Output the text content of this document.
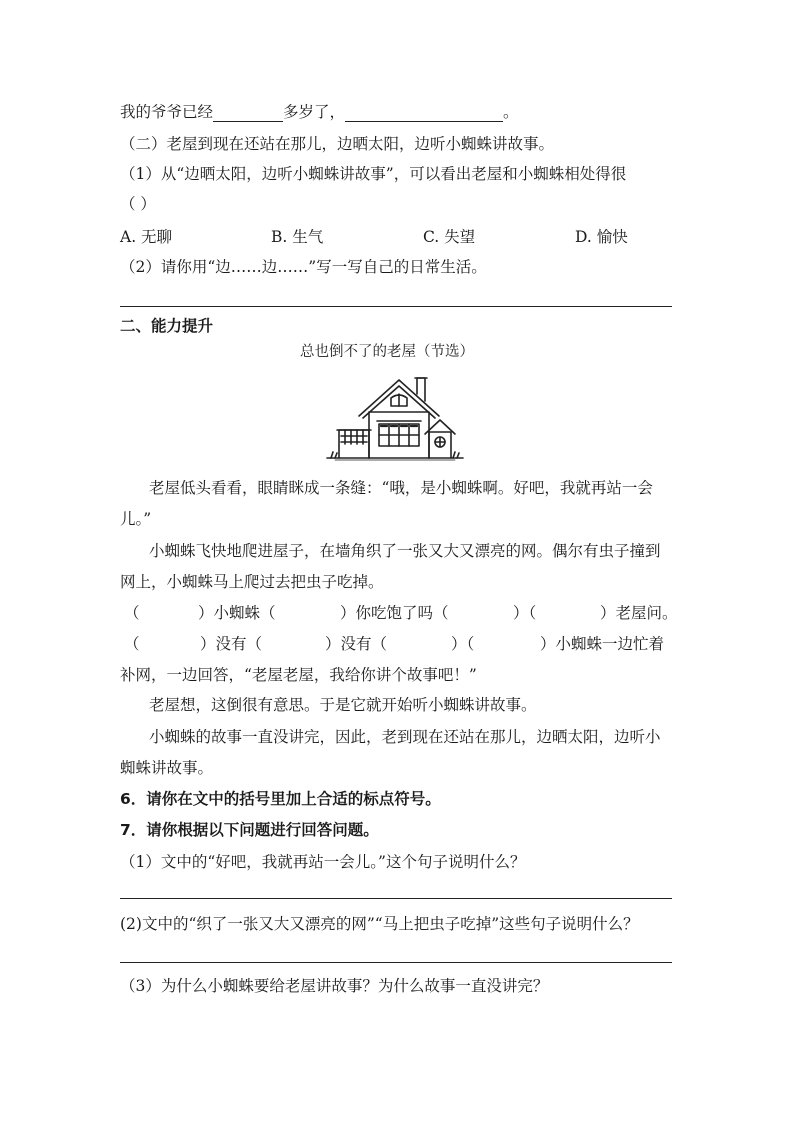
我的爷爷已经	多岁了，	。
（二）老屋到现在还站在那儿，边晒太阳，边听小蜘蛛讲故事。
（1）从“边晒太阳，边听小蜘蛛讲故事”，可以看出老屋和小蜘蛛相处得很
（ ）
A. 无聊	B. 生气	C. 失望	D. 愉快
（2）请你用“边……边……”写一写自己的日常生活。
二、能力提升
总也倒不了的老屋（节选）
老屋低头看看，眼睛眯成一条缝：“哦，是小蜘蛛啊。好吧，我就再站一会
儿。”
小蜘蛛飞快地爬进屋子，在墙角织了一张又大又漂亮的网。偶尔有虫子撞到
网上，小蜘蛛马上爬过去把虫子吃掉。
（	）小蜘蛛（	）你吃饱了吗（	）（	）老屋问。
（	）没有（	）没有（	）（	）小蜘蛛一边忙着
补网，一边回答，“老屋老屋，我给你讲个故事吧！”
老屋想，这倒很有意思。于是它就开始听小蜘蛛讲故事。
小蜘蛛的故事一直没讲完，因此，老到现在还站在那儿，边晒太阳，边听小
蜘蛛讲故事。
6．请你在文中的括号里加上合适的标点符号。
7．请你根据以下问题进行回答问题。
（1）文中的“好吧，我就再站一会儿。”这个句子说明什么？
(2)文中的“织了一张又大又漂亮的网”“马上把虫子吃掉”这些句子说明什么？
（3）为什么小蜘蛛要给老屋讲故事？为什么故事一直没讲完？
